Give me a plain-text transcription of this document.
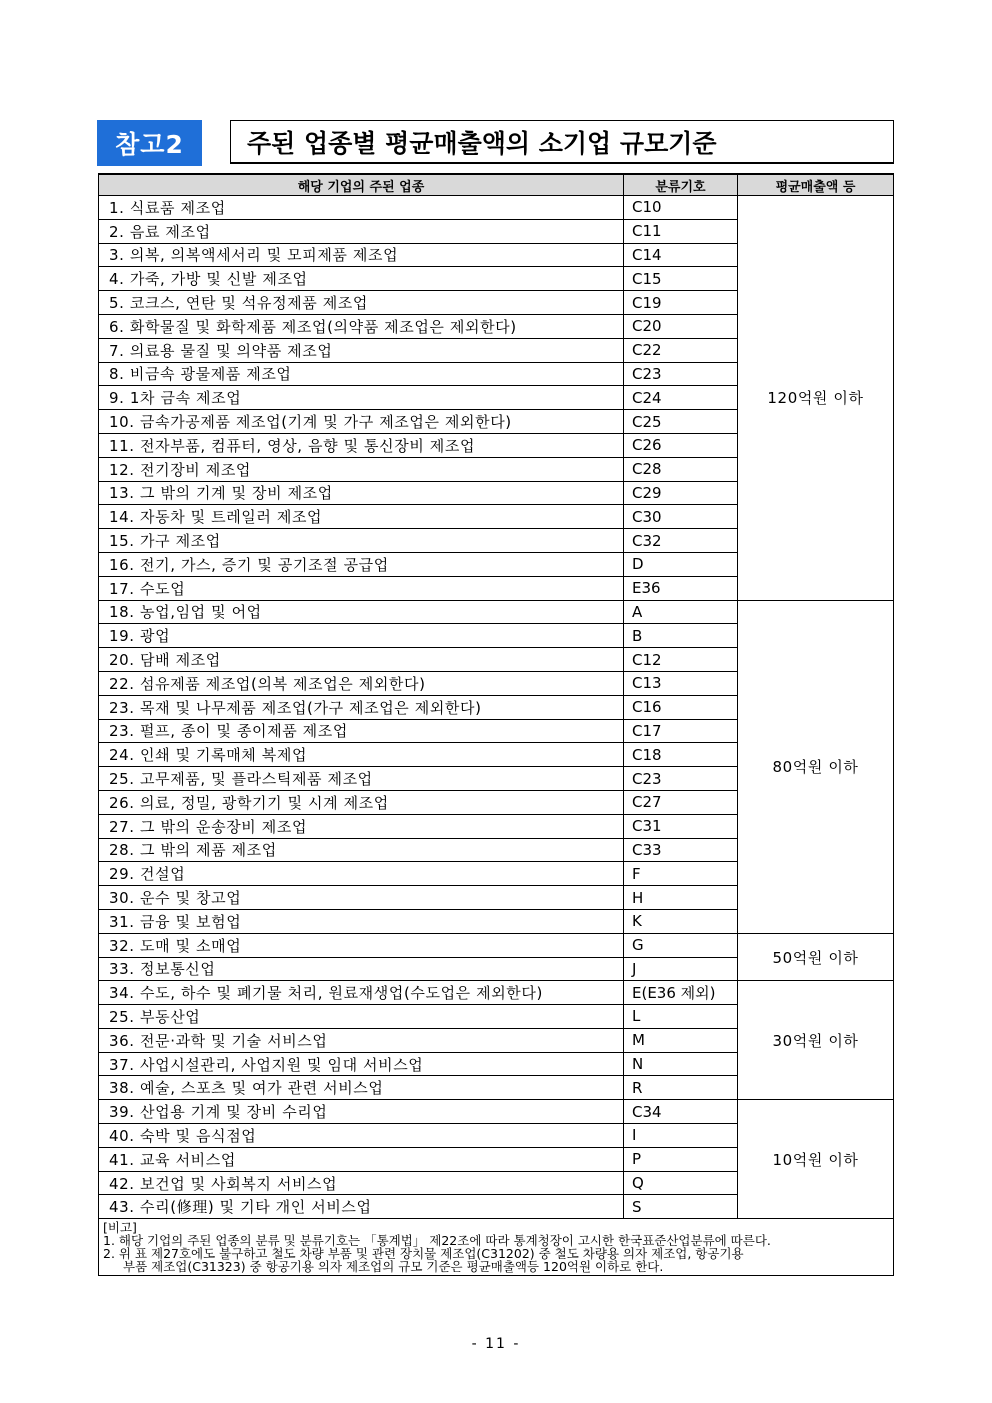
참고2	주된 업종별 평균매출액의 소기업 규모기준
해당 기업의 주된 업종	분류기호	평균매출액 등
1. 식료품 제조업	C10	120억원 이하
2. 음료 제조업	C11	
3. 의복, 의복액세서리 및 모피제품 제조업	C14	
4. 가죽, 가방 및 신발 제조업	C15	
5. 코크스, 연탄 및 석유정제품 제조업	C19	
6. 화학물질 및 화학제품 제조업(의약품 제조업은 제외한다)	C20	
7. 의료용 물질 및 의약품 제조업	C22	
8. 비금속 광물제품 제조업	C23	
9. 1차 금속 제조업	C24	
10. 금속가공제품 제조업(기계 및 가구 제조업은 제외한다)	C25	
11. 전자부품, 컴퓨터, 영상, 음향 및 통신장비 제조업	C26	
12. 전기장비 제조업	C28	
13. 그 밖의 기계 및 장비 제조업	C29	
14. 자동차 및 트레일러 제조업	C30	
15. 가구 제조업	C32	
16. 전기, 가스, 증기 및 공기조절 공급업	D	
17. 수도업	E36	
18. 농업,임업 및 어업	A	80억원 이하
19. 광업	B	
20. 담배 제조업	C12	
22. 섬유제품 제조업(의복 제조업은 제외한다)	C13	
23. 목재 및 나무제품 제조업(가구 제조업은 제외한다)	C16	
23. 펄프, 종이 및 종이제품 제조업	C17	
24. 인쇄 및 기록매체 복제업	C18	
25. 고무제품, 및 플라스틱제품 제조업	C23	
26. 의료, 정밀, 광학기기 및 시계 제조업	C27	
27. 그 밖의 운송장비 제조업	C31	
28. 그 밖의 제품 제조업	C33	
29. 건설업	F	
30. 운수 및 창고업	H	
31. 금융 및 보험업	K	
32. 도매 및 소매업	G	50억원 이하
33. 정보통신업	J	
34. 수도, 하수 및 폐기물 처리, 원료재생업(수도업은 제외한다)	E(E36 제외)	30억원 이하
25. 부동산업	L	
36. 전문·과학 및 기술 서비스업	M	
37. 사업시설관리, 사업지원 및 임대 서비스업	N	
38. 예술, 스포츠 및 여가 관련 서비스업	R	
39. 산업용 기계 및 장비 수리업	C34	10억원 이하
40. 숙박 및 음식점업	I	
41. 교육 서비스업	P	
42. 보건업 및 사회복지 서비스업	Q	
43. 수리(修理) 및 기타 개인 서비스업	S	

[비고]
1. 해당 기업의 주된 업종의 분류 및 분류기호는 「통계법」 제22조에 따라 통계청장이 고시한 한국표준산업분류에 따른다.
2. 위 표 제27호에도 불구하고 철도 차량 부품 및 관련 장치물 제조업(C31202) 중 철도 차량용 의자 제조업, 항공기용
부품 제조업(C31323) 중 항공기용 의자 제조업의 규모 기준은 평균매출액등 120억원 이하로 한다.		
- 11 -
